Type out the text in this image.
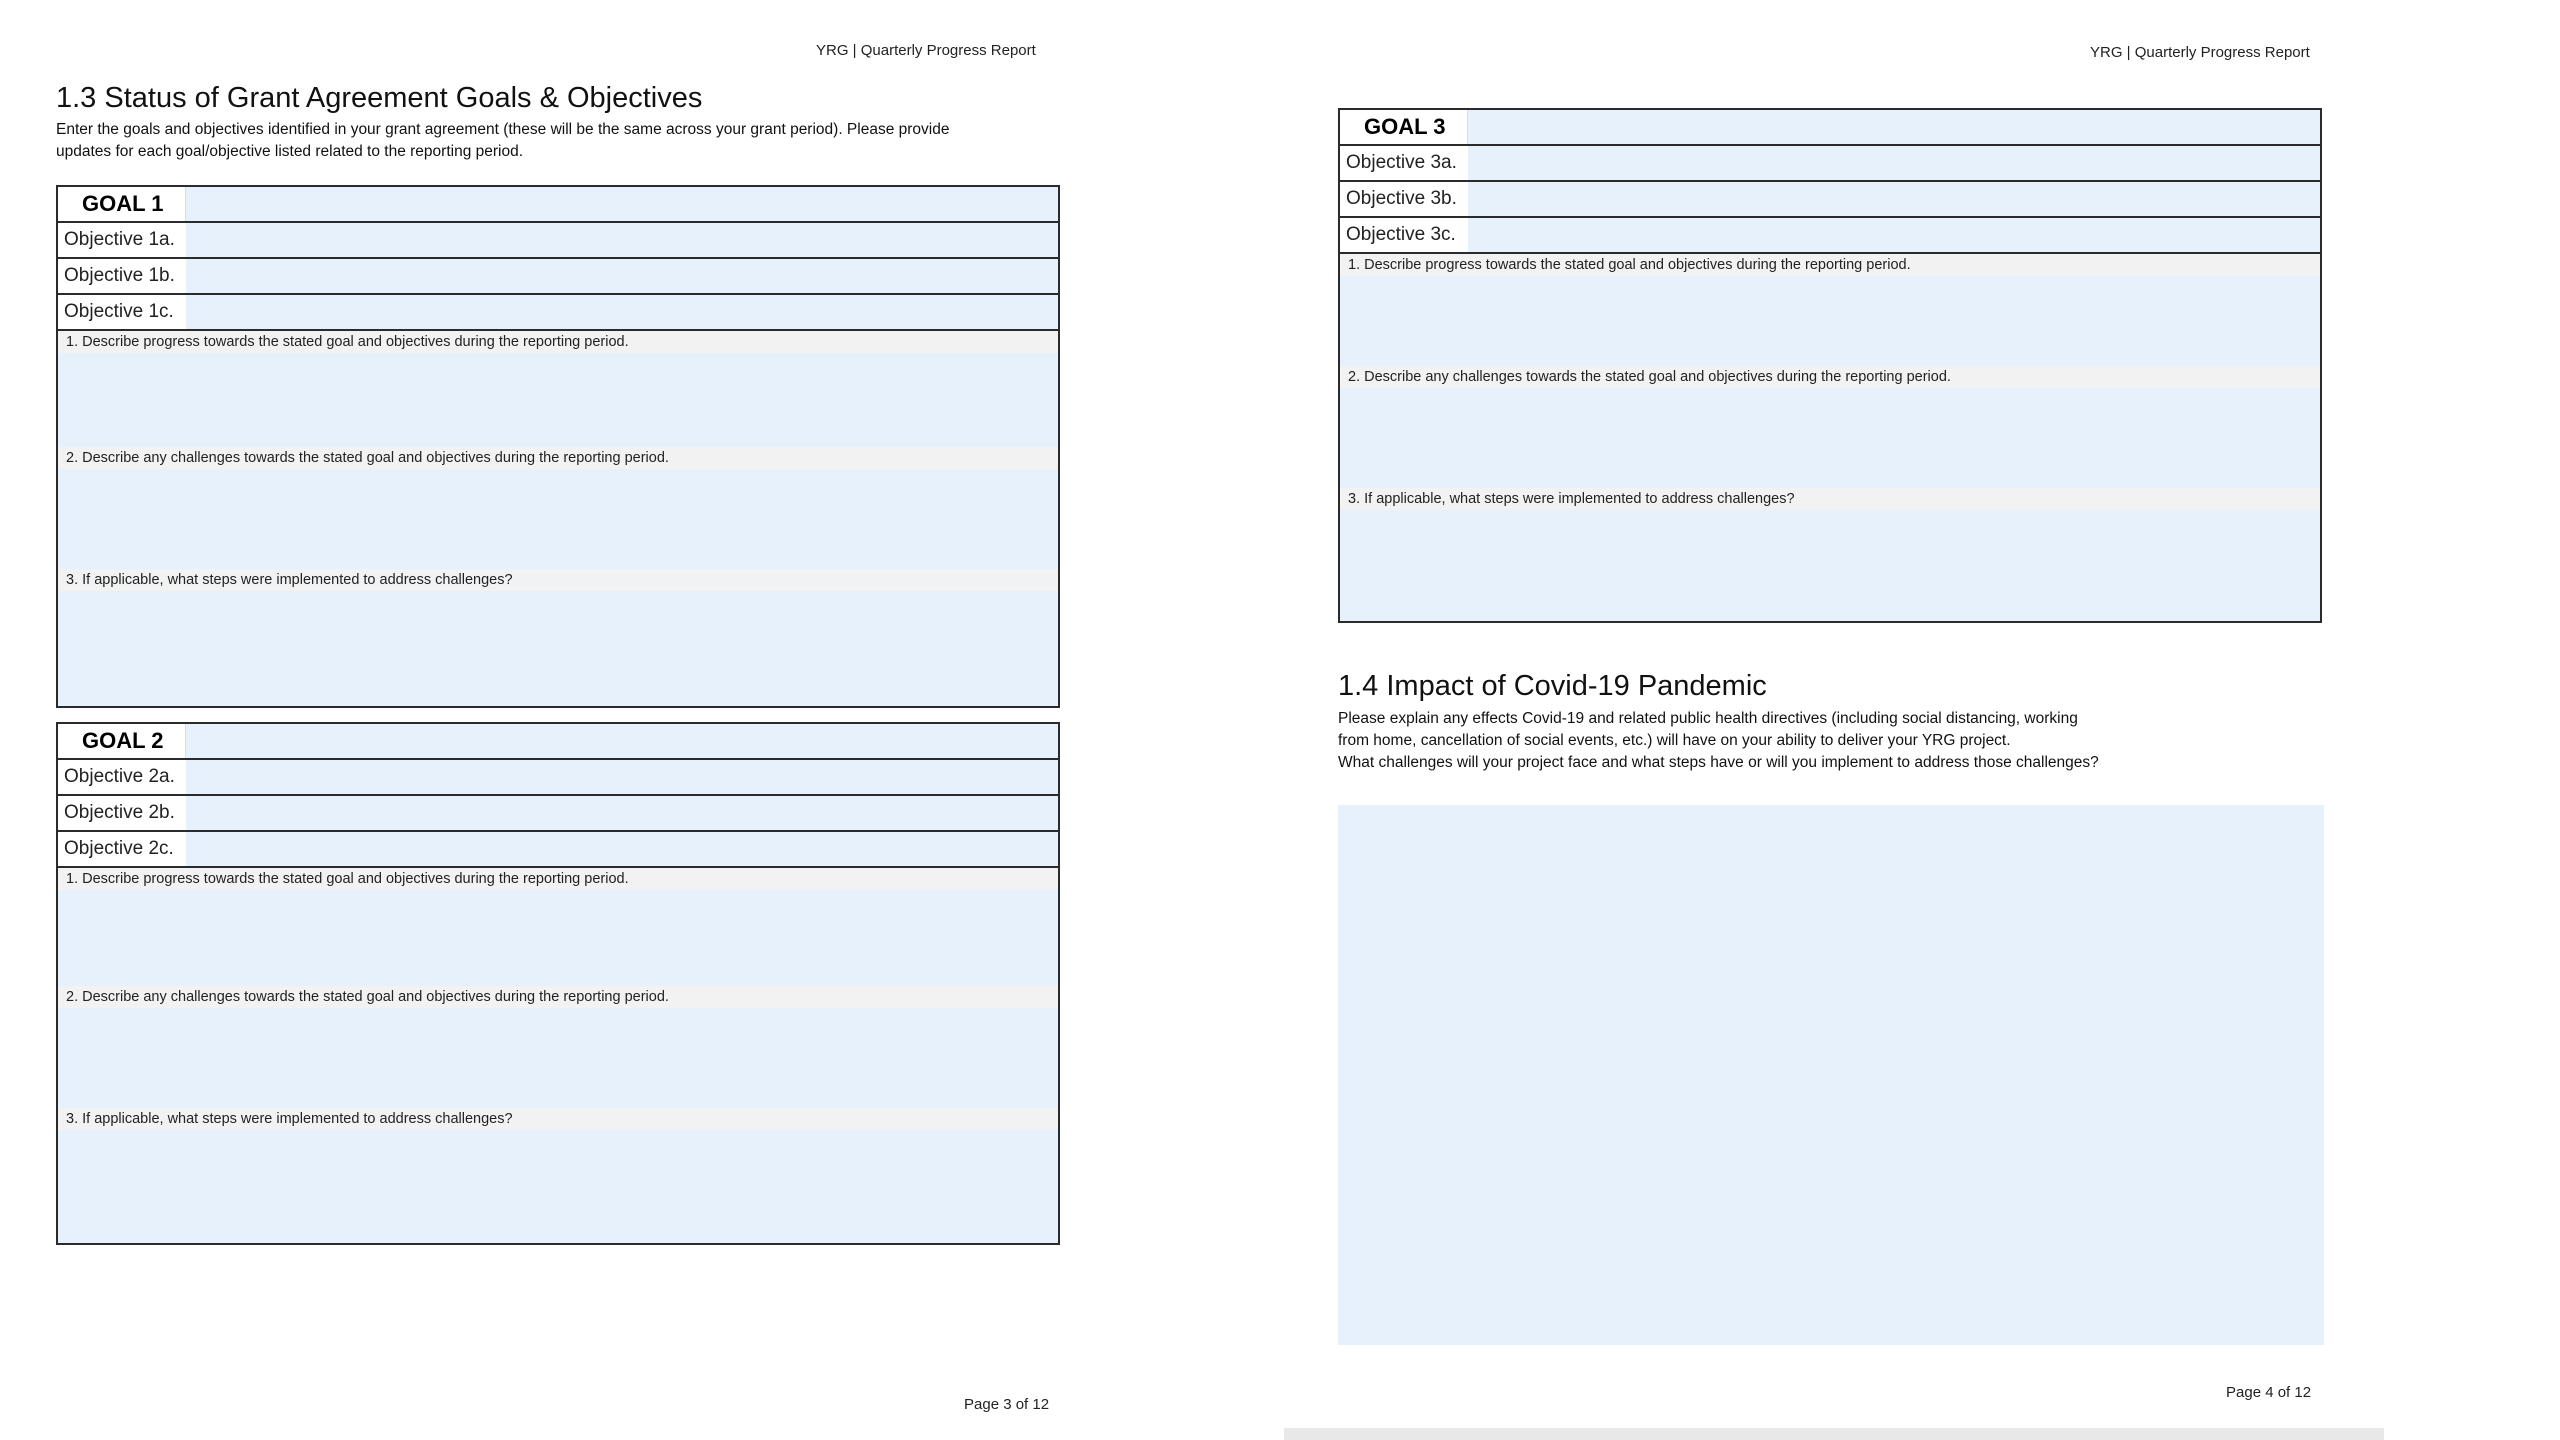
YRG | Quarterly Progress Report
1.3 Status of Grant Agreement Goals & Objectives
Enter the goals and objectives identified in your grant agreement (these will be the same across your grant period). Please provide
updates for each goal/objective listed related to the reporting period.
GOAL 1
Objective 1a.
Objective 1b.
Objective 1c.
1. Describe progress towards the stated goal and objectives during the reporting period.
2. Describe any challenges towards the stated goal and objectives during the reporting period.
3. If applicable, what steps were implemented to address challenges?
GOAL 2
Objective 2a.
Objective 2b.
Objective 2c.
1. Describe progress towards the stated goal and objectives during the reporting period.
2. Describe any challenges towards the stated goal and objectives during the reporting period.
3. If applicable, what steps were implemented to address challenges?
Page 3 of 12
YRG | Quarterly Progress Report
GOAL 3
Objective 3a.
Objective 3b.
Objective 3c.
1. Describe progress towards the stated goal and objectives during the reporting period.
2. Describe any challenges towards the stated goal and objectives during the reporting period.
3. If applicable, what steps were implemented to address challenges?
1.4 Impact of Covid-19 Pandemic
Please explain any effects Covid-19 and related public health directives (including social distancing, working
from home, cancellation of social events, etc.) will have on your ability to deliver your YRG project.
What challenges will your project face and what steps have or will you implement to address those challenges?
Page 4 of 12
